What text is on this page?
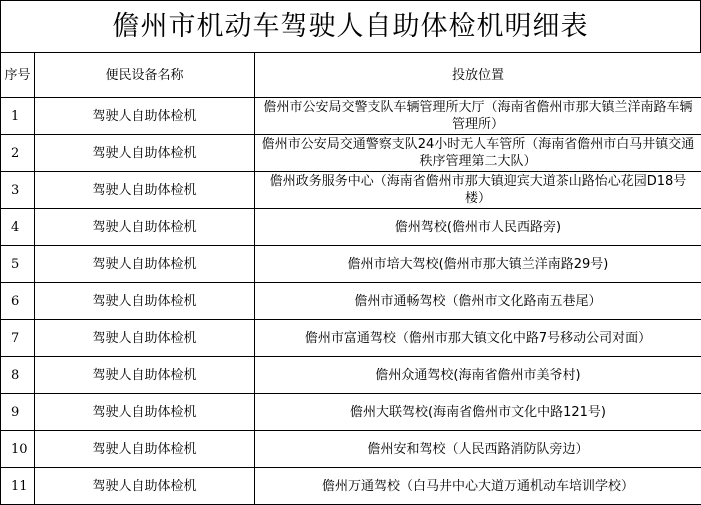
儋州市机动车驾驶人自助体检机明细表
序号	便民设备名称	投放位置
1	驾驶人自助体检机	儋州市公安局交警支队车辆管理所大厅（海南省儋州市那大镇兰洋南路车辆管理所）
2	驾驶人自助体检机	儋州市公安局交通警察支队24小时无人车管所（海南省儋州市白马井镇交通秩序管理第二大队）
3	驾驶人自助体检机	儋州政务服务中心（海南省儋州市那大镇迎宾大道茶山路怡心花园D18号楼）
4	驾驶人自助体检机	儋州驾校(儋州市人民西路旁)
5	驾驶人自助体检机	儋州市培大驾校(儋州市那大镇兰洋南路29号)
6	驾驶人自助体检机	儋州市通畅驾校（儋州市文化路南五巷尾）
7	驾驶人自助体检机	儋州市富通驾校（儋州市那大镇文化中路7号移动公司对面）
8	驾驶人自助体检机	儋州众通驾校(海南省儋州市美爷村)
9	驾驶人自助体检机	儋州大联驾校(海南省儋州市文化中路121号)
10	驾驶人自助体检机	儋州安和驾校（人民西路消防队旁边）
11	驾驶人自助体检机	儋州万通驾校（白马井中心大道万通机动车培训学校）
